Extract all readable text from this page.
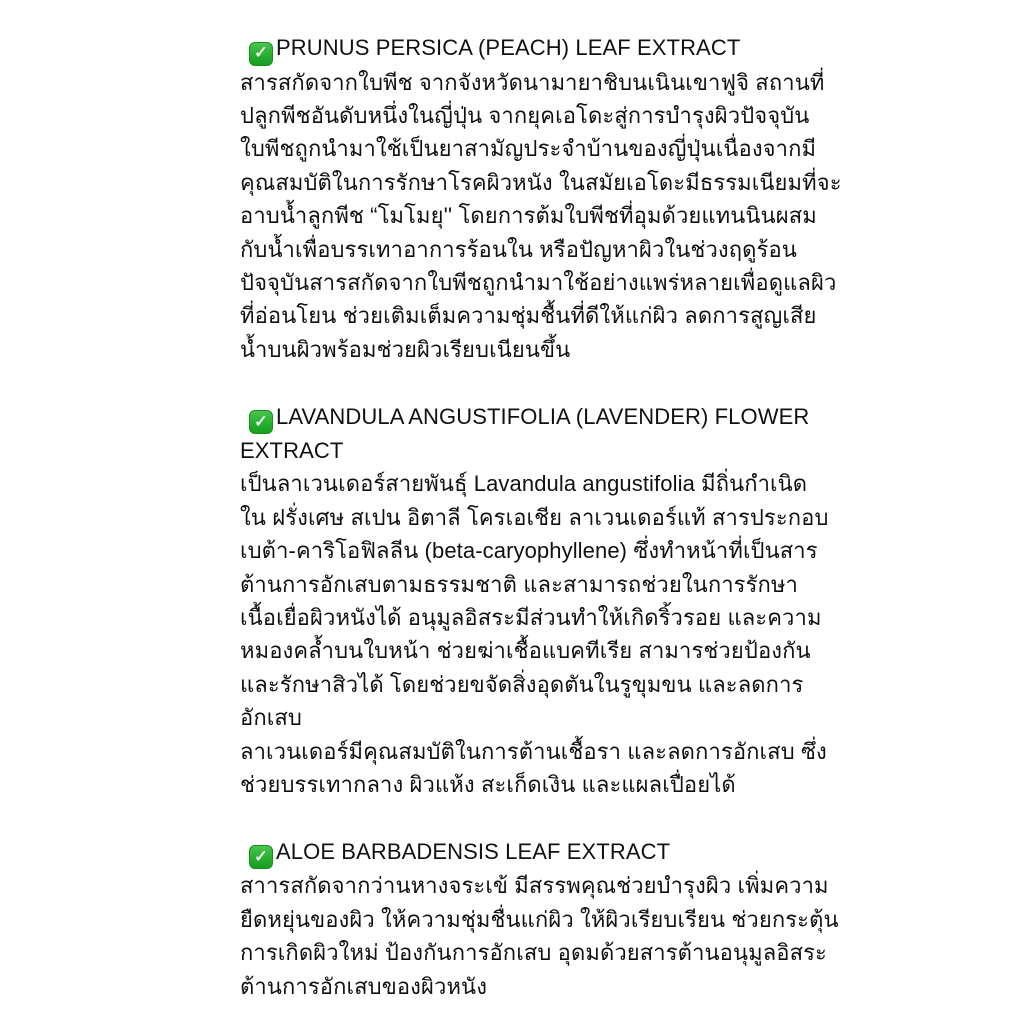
✓ PRUNUS PERSICA (PEACH) LEAF EXTRACT
สารสกัดจากใบพีช จากจังหวัดนามายาชิบนเนินเขาฟูจิ สถานที่
ปลูกพีชอันดับหนึ่งในญี่ปุ่น จากยุคเอโดะสู่การบำรุงผิวปัจจุบัน
ใบพีชถูกนำมาใช้เป็นยาสามัญประจำบ้านของญี่ปุ่นเนื่องจากมี
คุณสมบัติในการรักษาโรคผิวหนัง ในสมัยเอโดะมีธรรมเนียมที่จะ
อาบน้ำลูกพีช “โมโมยุ'' โดยการต้มใบพีชที่อุมด้วยแทนนินผสม
กับน้ำเพื่อบรรเทาอาการร้อนใน หรือปัญหาผิวในช่วงฤดูร้อน
ปัจจุบันสารสกัดจากใบพีชถูกนำมาใช้อย่างแพร่หลายเพื่อดูแลผิว
ที่อ่อนโยน ช่วยเติมเต็มความชุ่มชื้นที่ดีให้แก่ผิว ลดการสูญเสีย
น้ำบนผิวพร้อมช่วยผิวเรียบเนียนขึ้น
✓ LAVANDULA ANGUSTIFOLIA (LAVENDER) FLOWER
EXTRACT
เป็นลาเวนเดอร์สายพันธุ์ Lavandula angustifolia มีถิ่นกำเนิด
ใน ฝรั่งเศษ สเปน อิตาลี โครเอเชีย ลาเวนเดอร์แท้ สารประกอบ
เบต้า-คาริโอฟิลลีน (beta-caryophyllene) ซึ่งทำหน้าที่เป็นสาร
ต้านการอักเสบตามธรรมชาติ และสามารถช่วยในการรักษา
เนื้อเยื่อผิวหนังได้ อนุมูลอิสระมีส่วนทำให้เกิดริ้วรอย และความ
หมองคล้ำบนใบหน้า ช่วยฆ่าเชื้อแบคทีเรีย สามารช่วยป้องกัน
และรักษาสิวได้ โดยช่วยขจัดสิ่งอุดตันในรูขุมขน และลดการ
อักเสบ
ลาเวนเดอร์มีคุณสมบัติในการต้านเชื้อรา และลดการอักเสบ ซึ่ง
ช่วยบรรเทากลาง ผิวแห้ง สะเก็ดเงิน และแผลเปื่อยได้
✓ ALOE BARBADENSIS LEAF EXTRACT
สาารสกัดจากว่านหางจระเข้ มีสรรพคุณช่วยบำรุงผิว เพิ่มความ
ยืดหยุ่นของผิว ให้ความชุ่มชื่นแก่ผิว ให้ผิวเรียบเรียน ช่วยกระตุ้น
การเกิดผิวใหม่ ป้องกันการอักเสบ อุดมด้วยสารต้านอนุมูลอิสระ
ต้านการอักเสบของผิวหนัง
